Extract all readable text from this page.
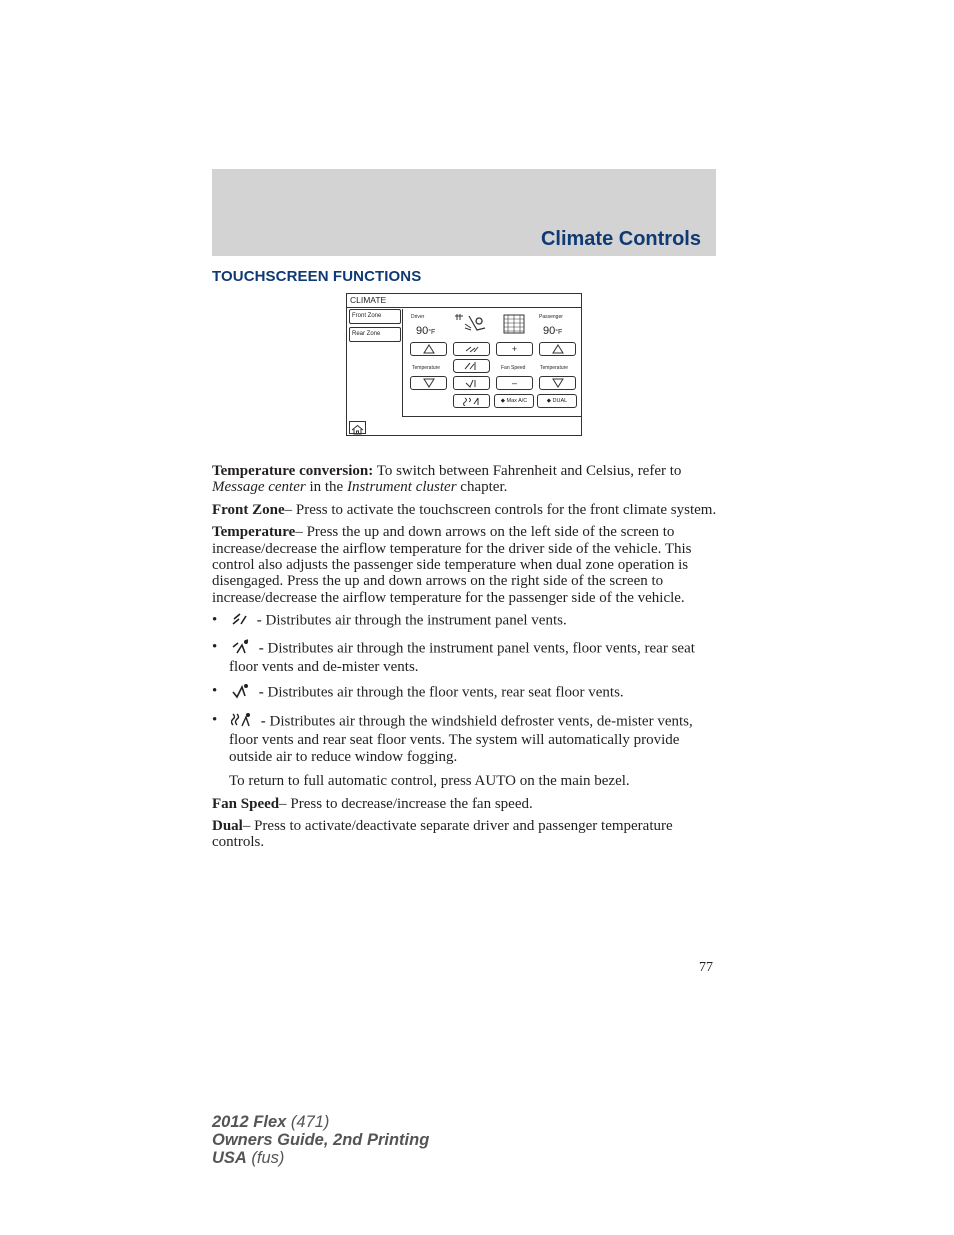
Climate Controls
TOUCHSCREEN FUNCTIONS
CLIMATE
Front Zone
Rear Zone
Driver	Passenger
90°F	90°F
+
Temperature	Fan Speed	Temperature
–
◆ Max A/C	◆ DUAL

Temperature conversion: To switch between Fahrenheit and Celsius, refer to Message center in the Instrument cluster chapter.

Front Zone– Press to activate the touchscreen controls for the front climate system.

Temperature– Press the up and down arrows on the left side of the screen to increase/decrease the airflow temperature for the driver side of the vehicle. This control also adjusts the passenger side temperature when dual zone operation is disengaged. Press the up and down arrows on the right side of the screen to increase/decrease the airflow temperature for the passenger side of the vehicle.

• - Distributes air through the instrument panel vents.
•	- Distributes air through the instrument panel vents, floor vents, rear seat floor vents and de-mister vents.
•	- Distributes air through the floor vents, rear seat floor vents.
•	- Distributes air through the windshield defroster vents, de-mister vents, floor vents and rear seat floor vents. The system will automatically provide outside air to reduce window fogging.

To return to full automatic control, press AUTO on the main bezel.

Fan Speed– Press to decrease/increase the fan speed.

Dual– Press to activate/deactivate separate driver and passenger temperature controls.

77
2012 Flex (471)
Owners Guide, 2nd Printing
USA (fus)
